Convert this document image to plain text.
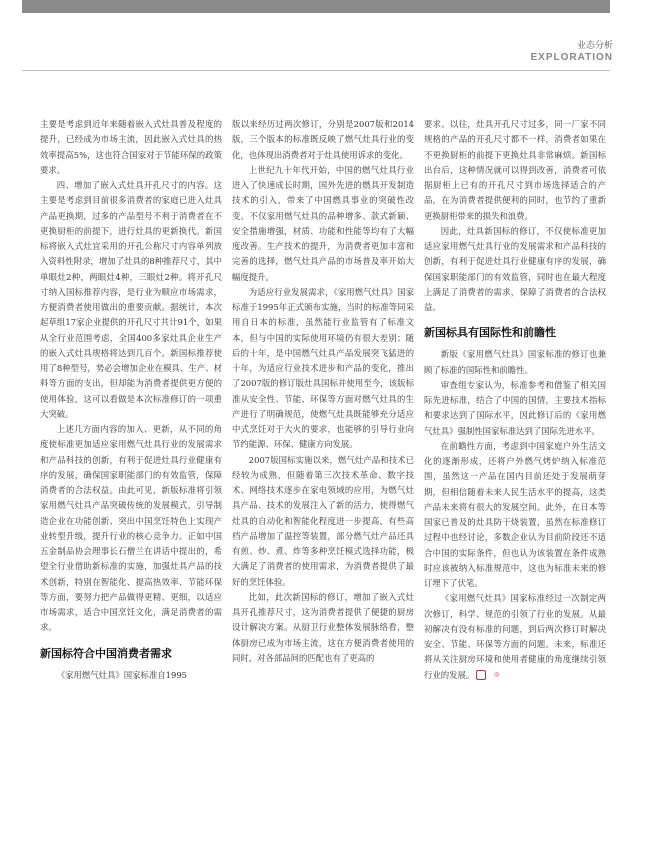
业态分析
EXPLORATION

主要是考虑到近年来随着嵌入式灶具普及程度的提升，已经成为市场主流，因此嵌入式灶具的热效率提高5%，这也符合国家对于节能环保的政策要求。

四、增加了嵌入式灶具开孔尺寸的内容。这主要是考虑到目前很多消费者的家庭已进入灶具产品更换期，过多的产品型号不利于消费者在不更换厨柜的前提下，进行灶具的更新换代。新国标将嵌入式灶宜采用的开孔公称尺寸内容单列放入资料性附录，增加了灶具的8种推荐尺寸，其中单眼灶2种，两眼灶4种，三眼灶2种。将开孔尺寸纳入国标推荐内容，是行业为顺应市场需求，方便消费者使用做出的重要贡献。据统计，本次起草组17家企业提供的开孔尺寸共计91个，如果从全行业范围考虑，全国400多家灶具企业生产的嵌入式灶具规格将达到几百个。新国标推荐使用了8种型号，势必会增加企业在模具、生产、材料等方面的支出，但却能为消费者提供更方便的使用体验，这可以看做是本次标准修订的一项重大突破。

上述几方面内容的加入、更新，从不同的角度使标准更加适应家用燃气灶具行业的发展需求和产品科技的创新，有利于促进灶具行业健康有序的发展，确保国家职能部门的有效监管，保障消费者的合法权益。由此可见，新版标准将引领家用燃气灶具产品突破传统的发展模式，引导制造企业在功能创新、突出中国烹饪特色上实现产业转型升级，提升行业的核心竞争力。正如中国五金制品协会理事长石僧兰在讲话中提出的，希望全行业借助新标准的实施，加强灶具产品的技术创新，特别在智能化、提高热效率、节能环保等方面，要努力把产品做得更精、更细，以适应市场需求，适合中国烹饪文化，满足消费者的需求。

新国标符合中国消费者需求

《家用燃气灶具》国家标准自1995

版以来经历过两次修订，分别是2007版和2014版，三个版本的标准既反映了燃气灶具行业的变化，也体现出消费者对于灶具使用诉求的变化。

上世纪九十年代开始，中国的燃气灶具行业进入了快速成长时期，国外先进的燃具开发制造技术的引入，带来了中国燃具事业的突破性改变。不仅家用燃气灶具的品种增多、款式新颖、安全措施增强，材质、功能和性能等均有了大幅度改善。生产技术的提升，为消费者更加丰富和完善的选择，燃气灶具产品的市场普及率开始大幅度提升。

为适应行业发展需求，《家用燃气灶具》国家标准于1995年正式颁布实施，当时的标准等同采用自日本的标准，虽然能行业监管有了标准文本，但与中国的实际使用环境仍有很大差别；随后的十年，是中国燃气灶具产品发展突飞猛进的十年，为适应行业技术进步和产品的变化，推出了2007版的修订版灶具国标并使用至今，该版标准从安全性、节能、环保等方面对燃气灶具的生产进行了明确规范，使燃气灶具既能够充分适应中式烹饪对于大火的要求，也能够的引导行业向节约能源、环保、健康方向发展。

2007版国标实施以来，燃气灶产品和技术已经较为成熟，但随着第三次技术革命、数字技术、网络技术逐步在家电领域的应用，为燃气灶具产品、技术的发展注入了新的活力，使得燃气灶具的自动化和智能化程度进一步提高，有些高档产品增加了温控等装置，部分燃气灶产品还具有煎、炒、煮、炸等多种烹饪模式选择功能，极大满足了消费者的使用需求，为消费者提供了最好的烹饪体验。

比如，此次新国标的修订，增加了嵌入式灶具开孔推荐尺寸，这为消费者提供了便捷的厨房设计解决方案。从厨卫行业整体发展脉络看，整体厨房已成为市场主流，这在方便消费者使用的同时，对各部品间的匹配也有了更高的

要求。以往，灶具开孔尺寸过多，同一厂家不同规格的产品的开孔尺寸都不一样，消费者如果在不更换厨柜的前提下更换灶具非常麻烦。新国标出台后，这种情况就可以得到改善，消费者可依据厨柜上已有的开孔尺寸到市场选择适合的产品，在为消费者提供便利的同时，也节约了重新更换厨柜带来的损失和浪费。

因此，灶具新国标的修订，不仅使标准更加适应家用燃气灶具行业的发展需求和产品科技的创新，有利于促进灶具行业健康有序的发展，确保国家职能部门的有效监管，同时也在最大程度上满足了消费者的需求，保障了消费者的合法权益。

新国标具有国际性和前瞻性

新版《家用燃气灶具》国家标准的修订也兼顾了标准的国际性和前瞻性。

审查组专家认为，标准参考和借鉴了相关国际先进标准，结合了中国的国情，主要技术指标和要求达到了国际水平，因此修订后的《家用燃气灶具》强制性国家标准达到了国际先进水平。

在前瞻性方面，考虑到中国家庭户外生活文化的逐渐形成，还将户外燃气烤炉纳入标准范围，虽然这一产品在国内目前还处于发展萌芽期，但相信随着未来人民生活水平的提高，这类产品未来将有很大的发展空间。此外，在日本等国家已普及的灶具防干烧装置，虽然在标准修订过程中也经讨论，多数企业认为目前阶段还不适合中国的实际条件，但也认为该装置在条件成熟时应该被纳入标准规范中，这也为标准未来的修订埋下了伏笔。

《家用燃气灶具》国家标准经过一次制定两次修订，科学、规范的引领了行业的发展。从最初解决有没有标准的问题，到后两次修订时解决安全、节能、环保等方面的问题。未来，标准还将从关注厨房环境和使用者健康的角度继续引领行业的发展。	◎
